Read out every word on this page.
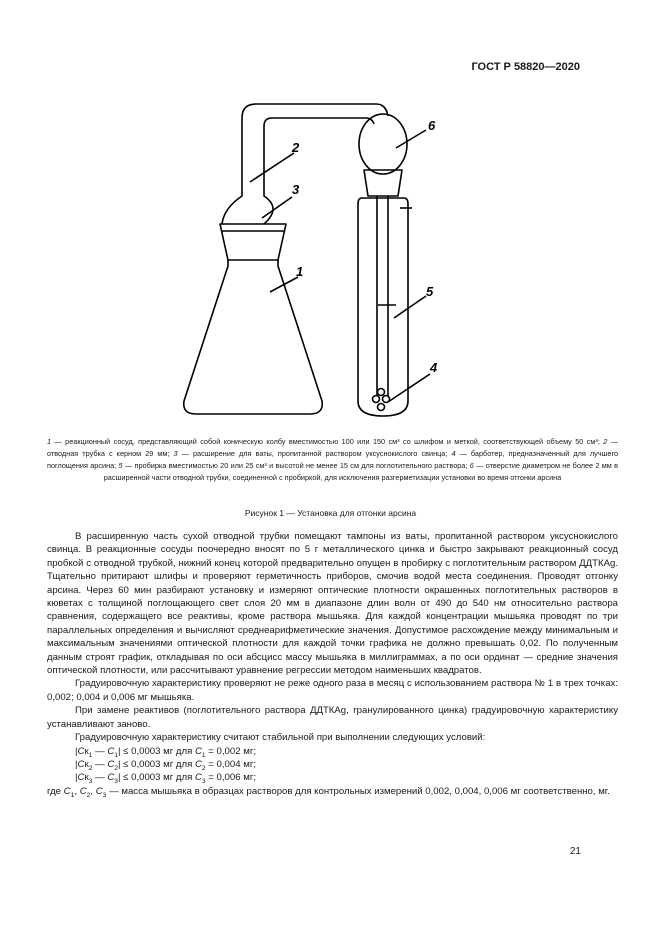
ГОСТ Р 58820—2020
2
3
1
6
5
4
1 — реакционный сосуд, представляющий собой коническую колбу вместимостью 100 или 150 см³ со шлифом и меткой, соответствующей объему 50 см³; 2 — отводная трубка с керном 29 мм; 3 — расширение для ваты, пропитанной раствором уксуснокислого свинца; 4 — барботер, предназначенный для лучшего поглощения арсина; 5 — пробирка вместимостью 20 или 25 см³ и высотой не менее 15 см для поглотительного раствора; 6 — отверстие диаметром не более 2 мм в расширенной части отводной трубки, соединенной с пробиркой, для исключения разгерметизации установки во время отгонки арсина
Рисунок 1 — Установка для отгонки арсина

В расширенную часть сухой отводной трубки помещают тампоны из ваты, пропитанной раствором уксуснокислого свинца. В реакционные сосуды поочередно вносят по 5 г металлического цинка и быстро закрывают реакционный сосуд пробкой с отводной трубкой, нижний конец которой предварительно опущен в пробирку с поглотительным раствором ДДТКAg. Тщательно притирают шлифы и проверяют герметичность приборов, смочив водой места соединения. Проводят отгонку арсина. Через 60 мин разбирают установку и измеряют оптические плотности окрашенных поглотительных растворов в кюветах с толщиной поглощающего свет слоя 20 мм в диапазоне длин волн от 490 до 540 нм относительно раствора сравнения, содержащего все реактивы, кроме раствора мышьяка. Для каждой концентрации мышьяка проводят по три параллельных определения и вычисляют среднеарифметические значения. Допустимое расхождение между минимальным и максимальным значениями оптической плотности для каждой точки графика не должно превышать 0,02. По полученным данным строят график, откладывая по оси абсцисс массу мышьяка в миллиграммах, а по оси ординат — средние значения оптической плотности, или рассчитывают уравнение регрессии методом наименьших квадратов.

Градуировочную характеристику проверяют не реже одного раза в месяц с использованием раствора № 1 в трех точках: 0,002; 0,004 и 0,006 мг мышьяка.

При замене реактивов (поглотительного раствора ДДТКAg, гранулированного цинка) градуировочную характеристику устанавливают заново.

Градуировочную характеристику считают стабильной при выполнении следующих условий:

$|Cк_1$ — $C_1| \le 0,0003$ мг для $C_1 = 0,002$ мг;
$|Cк_2$ — $C_2| \le 0,0003$ мг для $C_2 = 0,004$ мг;
$|Cк_3$ — $C_3| \le 0,0003$ мг для $C_3 = 0,006$ мг;

где $C_1$, $C_2$, $C_3$ — масса мышьяка в образцах растворов для контрольных измерений 0,002, 0,004, 0,006 мг соответственно, мг.

21
